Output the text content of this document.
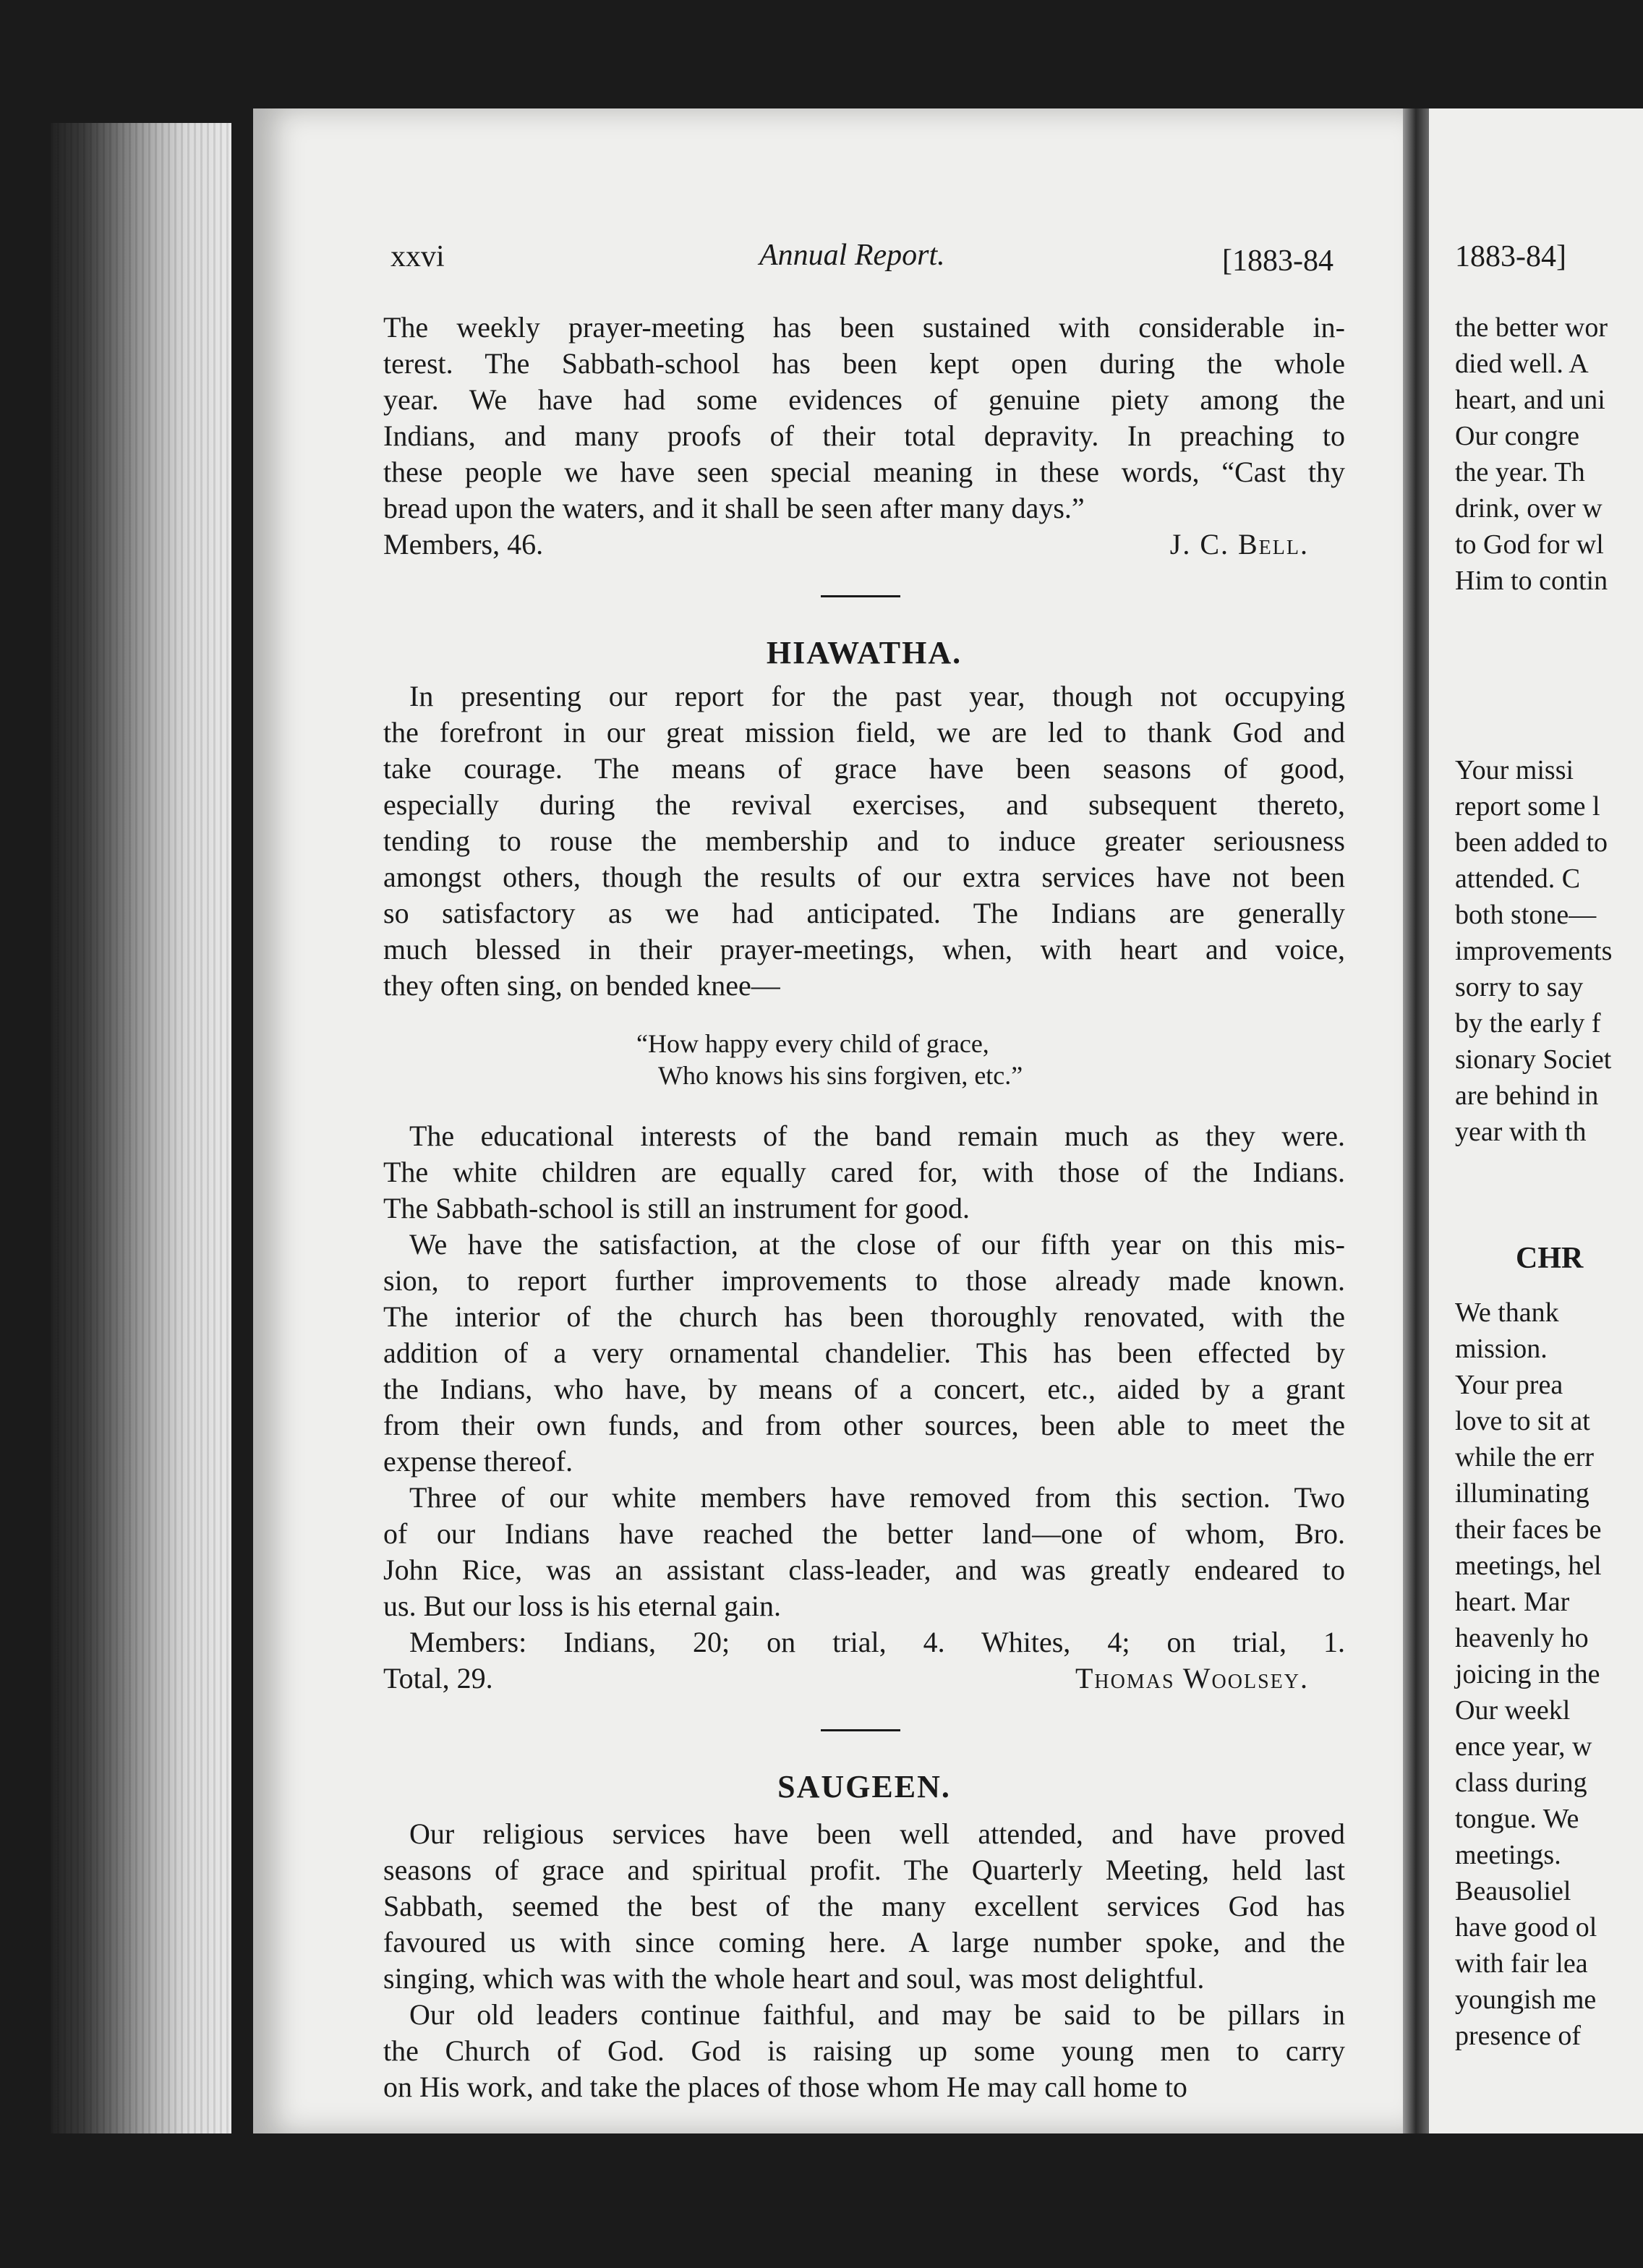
1883-84]
the better wor
died well. A
heart, and uni
Our congre
the year. Th
drink, over w
to God for wl
Him to contin
Your missi
report some l
been added to
attended. C
both stone—
improvements
sorry to say
by the early f
sionary Societ
are behind in
year with th
CHR
We thank
mission.
Your prea
love to sit at
while the err
illuminating
their faces be
meetings, hel
heart. Mar
heavenly ho
joicing in the
Our weekl
ence year, w
class during
tongue. We
meetings.
Beausoliel
have good ol
with fair lea
youngish me
presence of
xxvi	Annual Report.	[1883-84
The weekly prayer-meeting has been sustained with considerable in-
terest. The Sabbath-school has been kept open during the whole
year. We have had some evidences of genuine piety among the
Indians, and many proofs of their total depravity. In preaching to
these people we have seen special meaning in these words, “Cast thy
bread upon the waters, and it shall be seen after many days.”
Members, 46.	J. C. Bell.
HIAWATHA.
In presenting our report for the past year, though not occupying
the forefront in our great mission field, we are led to thank God and
take courage. The means of grace have been seasons of good,
especially during the revival exercises, and subsequent thereto,
tending to rouse the membership and to induce greater seriousness
amongst others, though the results of our extra services have not been
so satisfactory as we had anticipated. The Indians are generally
much blessed in their prayer-meetings, when, with heart and voice,
they often sing, on bended knee—
“How happy every child of grace,
Who knows his sins forgiven, etc.”
The educational interests of the band remain much as they were.
The white children are equally cared for, with those of the Indians.
The Sabbath-school is still an instrument for good.
We have the satisfaction, at the close of our fifth year on this mis-
sion, to report further improvements to those already made known.
The interior of the church has been thoroughly renovated, with the
addition of a very ornamental chandelier. This has been effected by
the Indians, who have, by means of a concert, etc., aided by a grant
from their own funds, and from other sources, been able to meet the
expense thereof.
Three of our white members have removed from this section. Two
of our Indians have reached the better land—one of whom, Bro.
John Rice, was an assistant class-leader, and was greatly endeared to
us. But our loss is his eternal gain.
Members: Indians, 20; on trial, 4. Whites, 4; on trial, 1.
Total, 29.	Thomas Woolsey.
SAUGEEN.
Our religious services have been well attended, and have proved
seasons of grace and spiritual profit. The Quarterly Meeting, held last
Sabbath, seemed the best of the many excellent services God has
favoured us with since coming here. A large number spoke, and the
singing, which was with the whole heart and soul, was most delightful.
Our old leaders continue faithful, and may be said to be pillars in
the Church of God. God is raising up some young men to carry
on His work, and take the places of those whom He may call home to
